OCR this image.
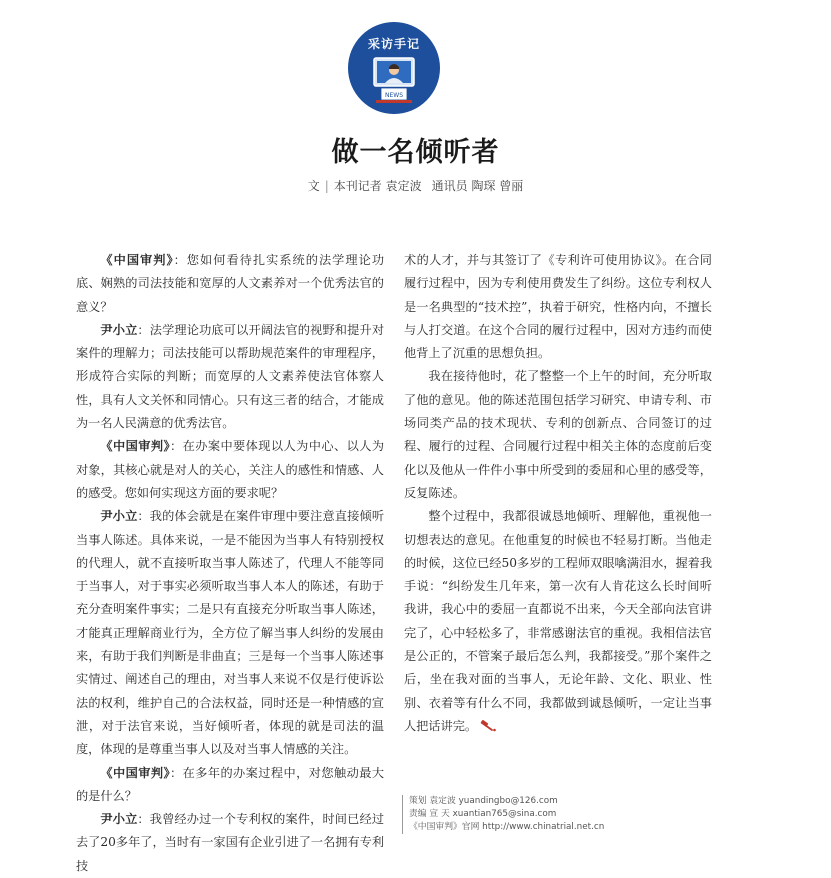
采访手记
NEWS
做一名倾听者
文 | 本刊记者 袁定波 通讯员 陶琛 曾丽

《中国审判》：您如何看待扎实系统的法学理论功底、娴熟的司法技能和宽厚的人文素养对一个优秀法官的意义？

尹小立：法学理论功底可以开阔法官的视野和提升对案件的理解力；司法技能可以帮助规范案件的审理程序，形成符合实际的判断；而宽厚的人文素养使法官体察人性，具有人文关怀和同情心。只有这三者的结合，才能成为一名人民满意的优秀法官。

《中国审判》：在办案中要体现以人为中心、以人为对象，其核心就是对人的关心，关注人的感性和情感、人的感受。您如何实现这方面的要求呢？

尹小立：我的体会就是在案件审理中要注意直接倾听当事人陈述。具体来说，一是不能因为当事人有特别授权的代理人，就不直接听取当事人陈述了，代理人不能等同于当事人，对于事实必须听取当事人本人的陈述，有助于充分查明案件事实；二是只有直接充分听取当事人陈述，才能真正理解商业行为，全方位了解当事人纠纷的发展由来，有助于我们判断是非曲直；三是每一个当事人陈述事实情过、阐述自己的理由，对当事人来说不仅是行使诉讼法的权利，维护自己的合法权益，同时还是一种情感的宣泄，对于法官来说，当好倾听者，体现的就是司法的温度，体现的是尊重当事人以及对当事人情感的关注。

《中国审判》：在多年的办案过程中，对您触动最大的是什么？

尹小立：我曾经办过一个专利权的案件，时间已经过去了20多年了，当时有一家国有企业引进了一名拥有专利技

术的人才，并与其签订了《专利许可使用协议》。在合同履行过程中，因为专利使用费发生了纠纷。这位专利权人是一名典型的“技术控”，执着于研究，性格内向，不擅长与人打交道。在这个合同的履行过程中，因对方违约而使他背上了沉重的思想负担。

我在接待他时，花了整整一个上午的时间，充分听取了他的意见。他的陈述范围包括学习研究、申请专利、市场同类产品的技术现状、专利的创新点、合同签订的过程、履行的过程、合同履行过程中相关主体的态度前后变化以及他从一件件小事中所受到的委屈和心里的感受等，反复陈述。

整个过程中，我都很诚恳地倾听、理解他，重视他一切想表达的意见。在他重复的时候也不轻易打断。当他走的时候，这位已经50多岁的工程师双眼噙满泪水，握着我手说：“纠纷发生几年来，第一次有人肯花这么长时间听我讲，我心中的委屈一直都说不出来，今天全部向法官讲完了，心中轻松多了，非常感谢法官的重视。我相信法官是公正的，不管案子最后怎么判，我都接受。”那个案件之后，坐在我对面的当事人，无论年龄、文化、职业、性别、衣着等有什么不同，我都做到诚恳倾听，一定让当事人把话讲完。

策划 袁定波 yuandingbo@126.com
责编 宣 天 xuantian765@sina.com
《中国审判》官网 http://www.chinatrial.net.cn
